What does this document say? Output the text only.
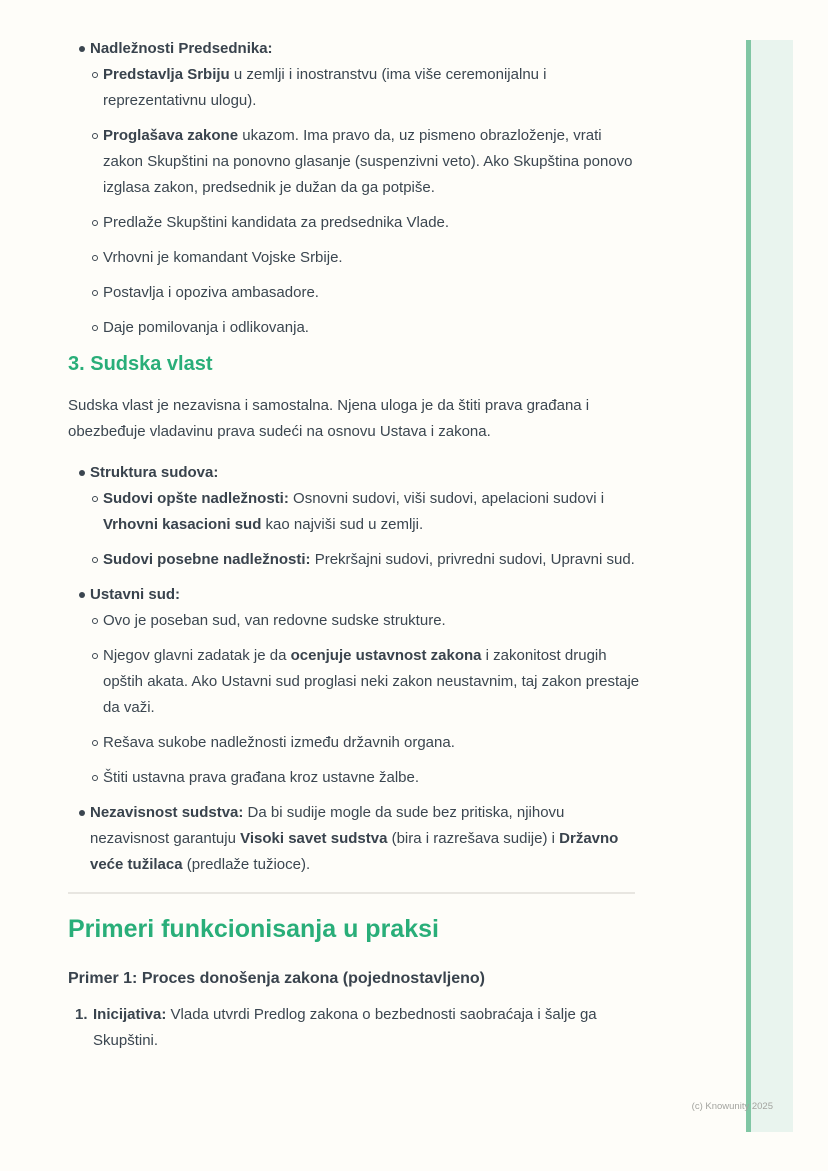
Nadležnosti Predsednika:
Predstavlja Srbiju u zemlji i inostranstvu (ima više ceremonijalnu i reprezentativnu ulogu).
Proglašava zakone ukazom. Ima pravo da, uz pismeno obrazloženje, vrati zakon Skupštini na ponovno glasanje (suspenzivni veto). Ako Skupština ponovo izglasa zakon, predsednik je dužan da ga potpiše.
Predlaže Skupštini kandidata za predsednika Vlade.
Vrhovni je komandant Vojske Srbije.
Postavlja i opoziva ambasadore.
Daje pomilovanja i odlikovanja.
3. Sudska vlast

Sudska vlast je nezavisna i samostalna. Njena uloga je da štiti prava građana i obezbeđuje vladavinu prava sudeći na osnovu Ustava i zakona.

Struktura sudova:
Sudovi opšte nadležnosti: Osnovni sudovi, viši sudovi, apelacioni sudovi i Vrhovni kasacioni sud kao najviši sud u zemlji.
Sudovi posebne nadležnosti: Prekršajni sudovi, privredni sudovi, Upravni sud.
Ustavni sud:
Ovo je poseban sud, van redovne sudske strukture.
Njegov glavni zadatak je da ocenjuje ustavnost zakona i zakonitost drugih opštih akata. Ako Ustavni sud proglasi neki zakon neustavnim, taj zakon prestaje da važi.
Rešava sukobe nadležnosti između državnih organa.
Štiti ustavna prava građana kroz ustavne žalbe.
Nezavisnost sudstva: Da bi sudije mogle da sude bez pritiska, njihovu nezavisnost garantuju Visoki savet sudstva (bira i razrešava sudije) i Državno veće tužilaca (predlaže tužioce).
Primeri funkcionisanja u praksi
Primer 1: Proces donošenja zakona (pojednostavljeno)
1. Inicijativa: Vlada utvrdi Predlog zakona o bezbednosti saobraćaja i šalje ga Skupštini.
(c) Knowunity 2025
